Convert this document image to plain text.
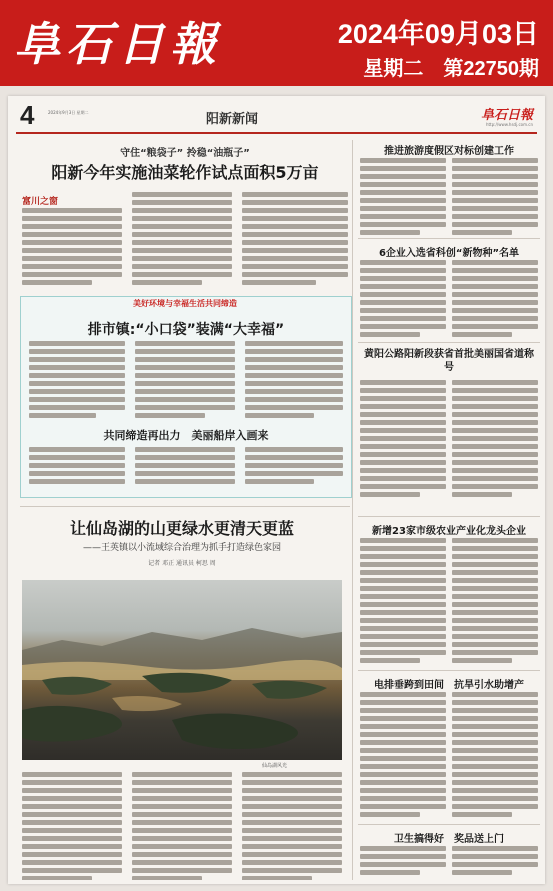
阜石日報	2024年09月03日
星期二　第22750期
4	2024年9月3日 星期二	阳新新闻	阜石日報
http://www.hsdj.com.cn
守住“粮袋子” 拎稳“油瓶子”
阳新今年实施油菜轮作试点面积5万亩
富川之窗
美好环境与幸福生活共同缔造
排市镇:“小口袋”装满“大幸福”
共同缔造再出力　美丽船岸入画来
让仙岛湖的山更绿水更清天更蓝
——王英镇以小流域综合治理为抓手打造绿色家园
记者 邓正 通讯员 柯思 周
仙岛湖风光
推进旅游度假区对标创建工作
6企业入选省科创“新物种”名单
黄阳公路阳新段获省首批美丽国省道称号
新增23家市级农业产业化龙头企业
电排垂跨到田间　抗旱引水助增产
卫生搞得好　奖品送上门
